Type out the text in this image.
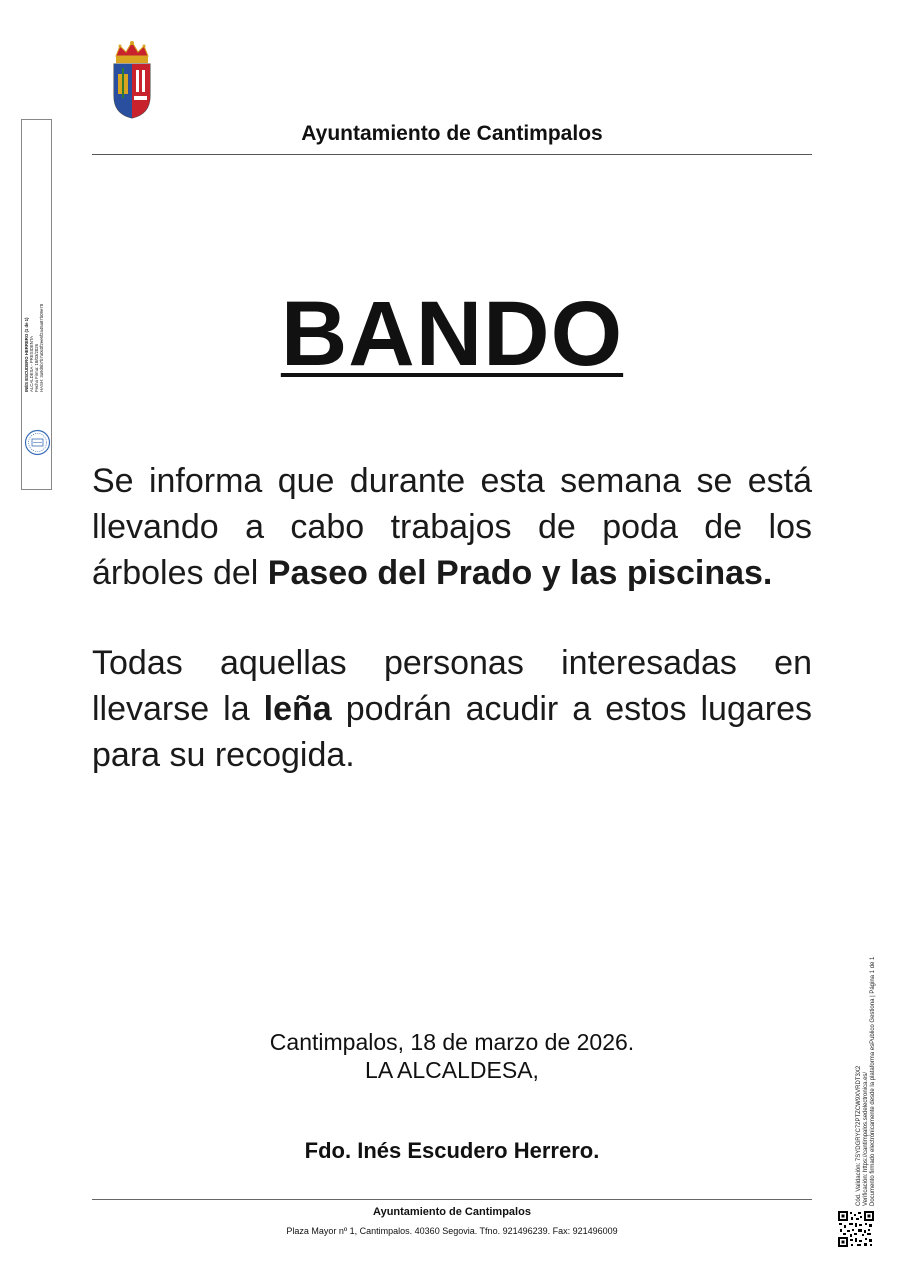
Ayuntamiento de Cantimpalos
INÉS ESCUDERO HERRERO (1 de 1) ALCALDESA - PRESIDENTA Fecha Firma: 18/03/2026 HASH: 3a9d5b7b7a0c0f2ee6f2a45a87b09e78	BANDO

Se informa que durante esta semana se está llevando a cabo trabajos de poda de los árboles del Paseo del Prado y las piscinas.

Todas aquellas personas interesadas en llevarse la leña podrán acudir a estos lugares para su recogida.

Cantimpalos, 18 de marzo de 2026.
LA ALCALDESA,
Fdo. Inés Escudero Herrero.
Ayuntamiento de Cantimpalos
Plaza Mayor nº 1, Cantimpalos. 40360 Segovia. Tfno. 921496239. Fax: 921496009
Cód. Validación: 7SYDGRYC72PTZCW9XVRDT3X2 Verificación: https://cantimpalos.sedelectronica.es/ Documento firmado electrónicamente desde la plataforma esPublico Gestiona | Página 1 de 1
